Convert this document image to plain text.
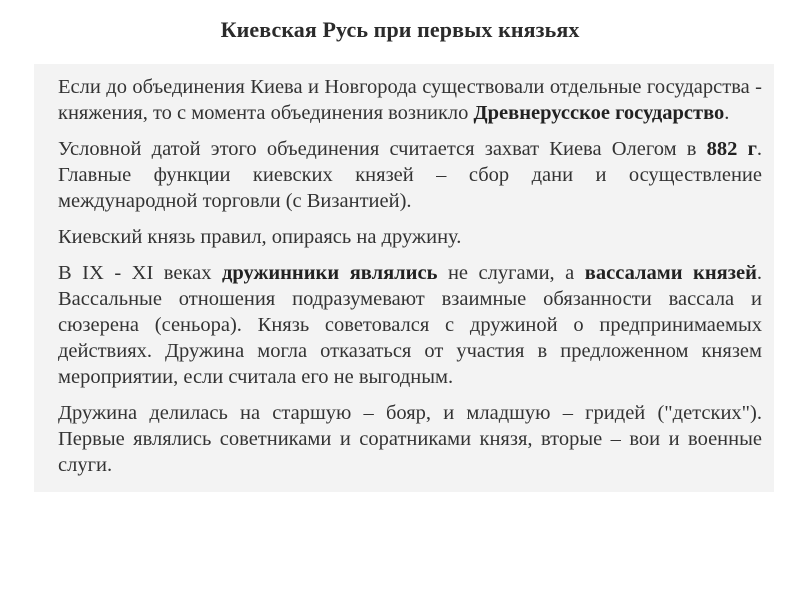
Киевская Русь при первых князьях

Если до объединения Киева и Новгорода существовали отдельные государства - княжения, то с момента объединения возникло Древнерусское государство.

Условной датой этого объединения считается захват Киева Олегом в 882 г. Главные функции киевских князей – сбор дани и осуществление международной торговли (с Византией).

Киевский князь правил, опираясь на дружину.

В IX - XI веках дружинники являлись не слугами, а вассалами князей. Вассальные отношения подразумевают взаимные обязанности вассала и сюзерена (сеньора). Князь советовался с дружиной о предпринимаемых действиях. Дружина могла отказаться от участия в предложенном князем мероприятии, если считала его не выгодным.

Дружина делилась на старшую – бояр, и младшую – гридей ("детских"). Первые являлись советниками и соратниками князя, вторые – вои и военные слуги.
